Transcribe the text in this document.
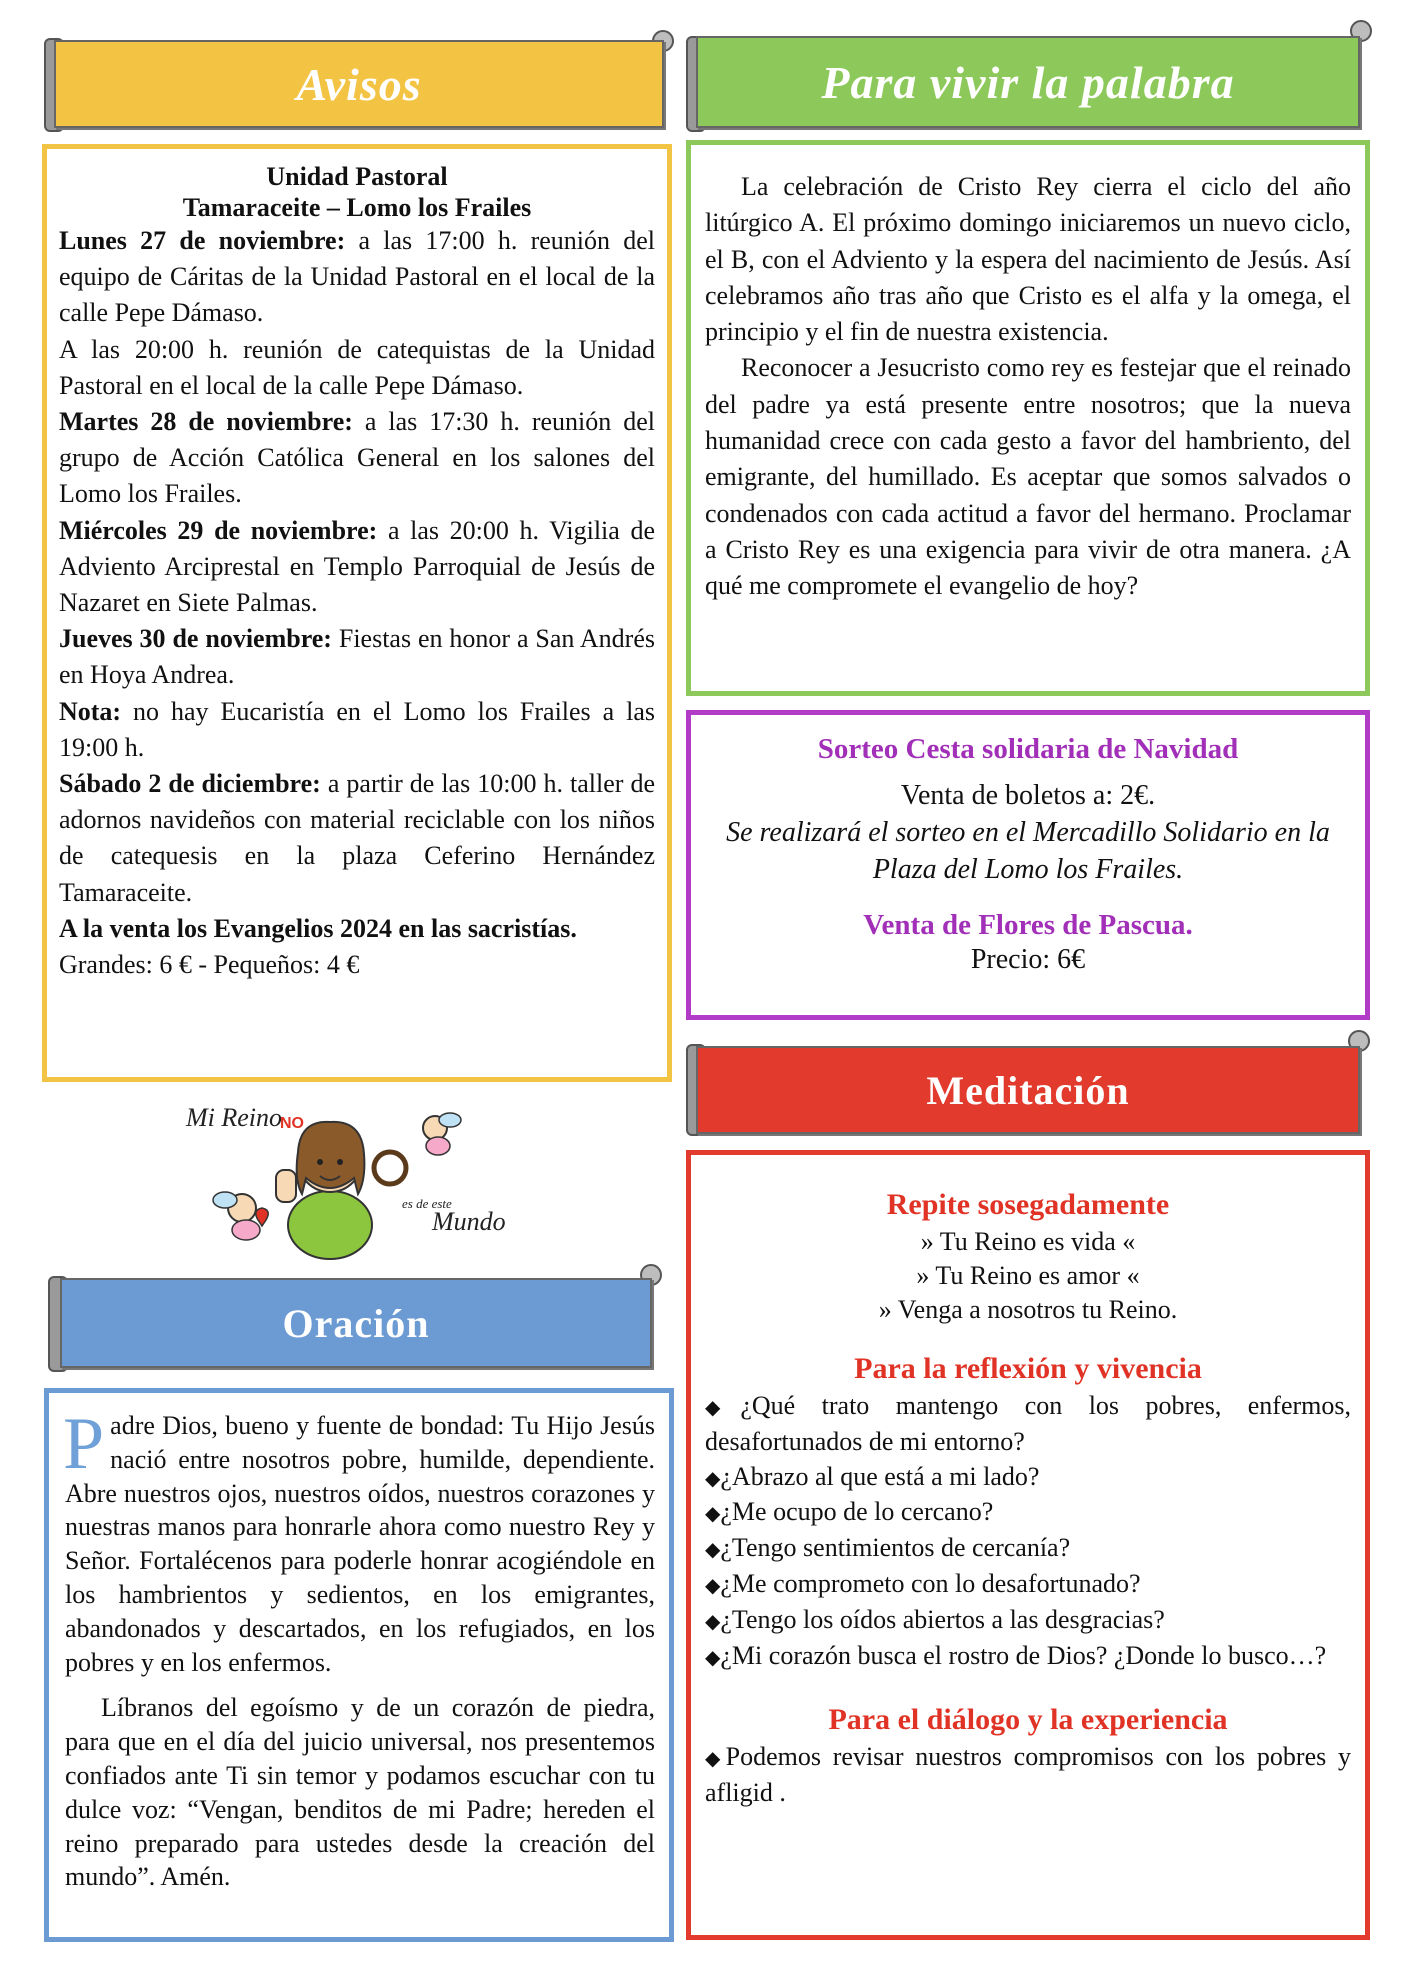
Avisos	Para vivir la palabra
Unidad Pastoral
Tamaraceite – Lomo los Frailes

Lunes 27 de noviembre: a las 17:00 h. reunión del equipo de Cáritas de la Unidad Pastoral en el local de la calle Pepe Dámaso.

A las 20:00 h. reunión de catequistas de la Unidad Pastoral en el local de la calle Pepe Dámaso.

Martes 28 de noviembre: a las 17:30 h. reunión del grupo de Acción Católica General en los salones del Lomo los Frailes.

Miércoles 29 de noviembre: a las 20:00 h. Vigilia de Adviento Arciprestal en Templo Parroquial de Jesús de Nazaret en Siete Palmas.

Jueves 30 de noviembre: Fiestas en honor a San Andrés en Hoya Andrea.

Nota: no hay Eucaristía en el Lomo los Frailes a las 19:00 h.

Sábado 2 de diciembre: a partir de las 10:00 h. taller de adornos navideños con material reciclable con los niños de catequesis en la plaza Ceferino Hernández Tamaraceite.

A la venta los Evangelios 2024 en las sacristías.

Grandes: 6 € - Pequeños: 4 €

La celebración de Cristo Rey cierra el ciclo del año litúrgico A. El próximo domingo iniciaremos un nuevo ciclo, el B, con el Adviento y la espera del nacimiento de Jesús. Así celebramos año tras año que Cristo es el alfa y la omega, el principio y el fin de nuestra existencia.

Reconocer a Jesucristo como rey es festejar que el reinado del padre ya está presente entre nosotros; que la nueva humanidad crece con cada gesto a favor del hambriento, del emigrante, del humillado. Es aceptar que somos salvados o condenados con cada actitud a favor del hermano. Proclamar a Cristo Rey es una exigencia para vivir de otra manera. ¿A qué me compromete el evangelio de hoy?

Sorteo Cesta solidaria de Navidad
Venta de boletos a: 2€.
Se realizará el sorteo en el Mercadillo Solidario en la Plaza del Lomo los Frailes.
Venta de Flores de Pascua.
Precio: 6€
Meditación
Repite sosegadamente
» Tu Reino es vida «
» Tu Reino es amor «
» Venga a nosotros tu Reino.
Para la reflexión y vivencia
◆¿Qué trato mantengo con los pobres, enfermos, desafortunados de mi entorno?
◆¿Abrazo al que está a mi lado?
◆¿Me ocupo de lo cercano?
◆¿Tengo sentimientos de cercanía?
◆¿Me comprometo con lo desafortunado?
◆¿Tengo los oídos abiertos a las desgracias?
◆¿Mi corazón busca el rostro de Dios? ¿Donde lo busco…?
Para el diálogo y la experiencia
◆Podemos revisar nuestros compromisos con los pobres y afligid .
Mi Reino
NO
es de este
Mundo
Oración

Padre Dios, bueno y fuente de bondad: Tu Hijo Jesús nació entre nosotros pobre, humilde, dependiente. Abre nuestros ojos, nuestros oídos, nuestros corazones y nuestras manos para honrarle ahora como nuestro Rey y Señor. Fortalécenos para poderle honrar acogiéndole en los hambrientos y sedientos, en los emigrantes, abandonados y descartados, en los refugiados, en los pobres y en los enfermos.

Líbranos del egoísmo y de un corazón de piedra, para que en el día del juicio universal, nos presentemos confiados ante Ti sin temor y podamos escuchar con tu dulce voz: “Vengan, benditos de mi Padre; hereden el reino preparado para ustedes desde la creación del mundo”. Amén.
